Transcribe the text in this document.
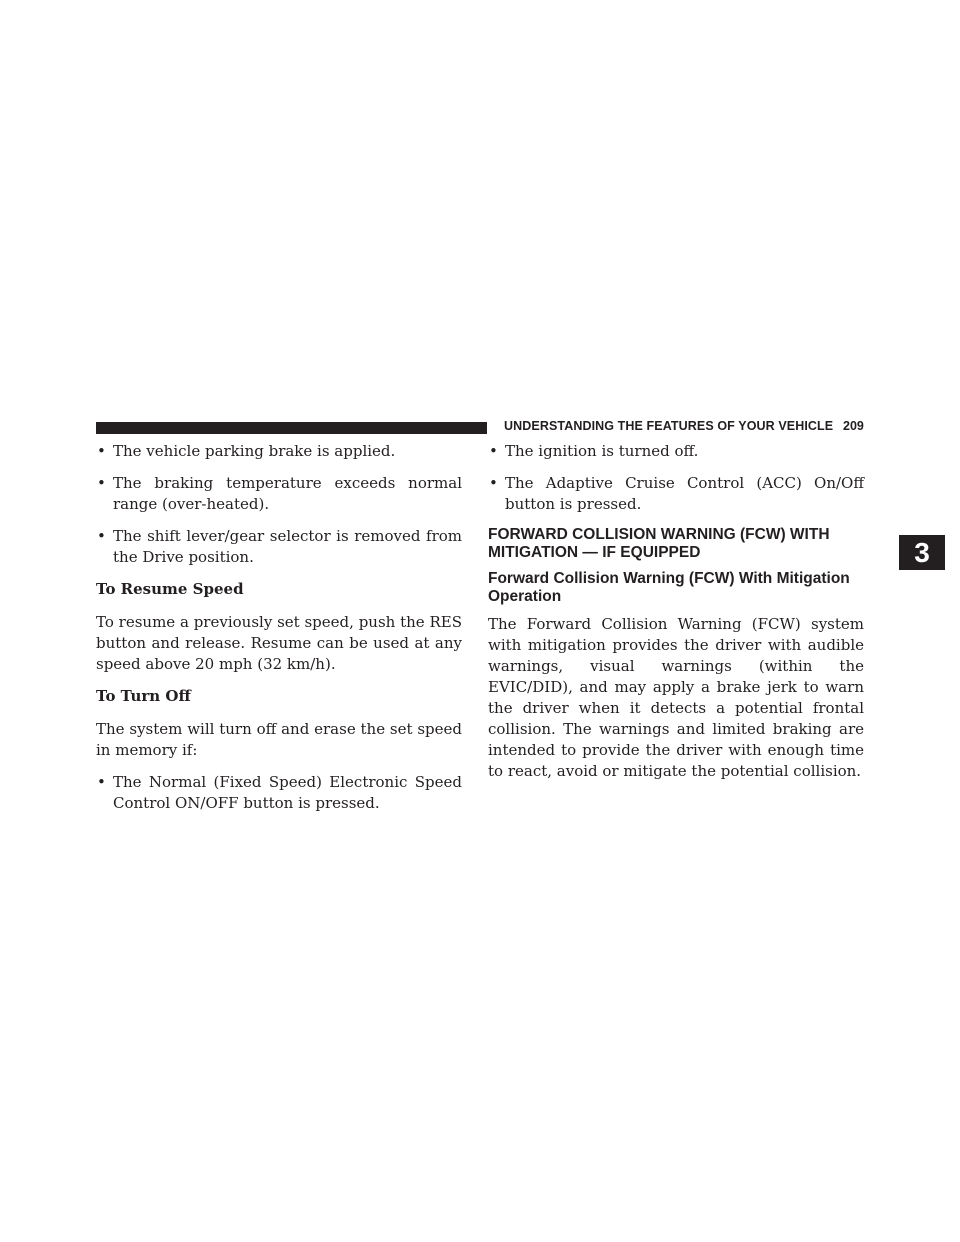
UNDERSTANDING THE FEATURES OF YOUR VEHICLE 209
3

• The vehicle parking brake is applied.

• The braking temperature exceeds normal range (over-heated).

• The shift lever/gear selector is removed from the Drive position.

To Resume Speed

To resume a previously set speed, push the RES button and release. Resume can be used at any speed above 20 mph (32 km/h).

To Turn Off

The system will turn off and erase the set speed in memory if:

• The Normal (Fixed Speed) Electronic Speed Control ON/OFF button is pressed.

• The ignition is turned off.

• The Adaptive Cruise Control (ACC) On/Off button is pressed.

FORWARD COLLISION WARNING (FCW) WITH MITIGATION — IF EQUIPPED
Forward Collision Warning (FCW) With Mitigation Operation

The Forward Collision Warning (FCW) system with mitigation provides the driver with audible warnings, visual warnings (within the EVIC/DID), and may apply a brake jerk to warn the driver when it detects a potential frontal collision. The warnings and limited braking are intended to provide the driver with enough time to react, avoid or mitigate the potential collision.
